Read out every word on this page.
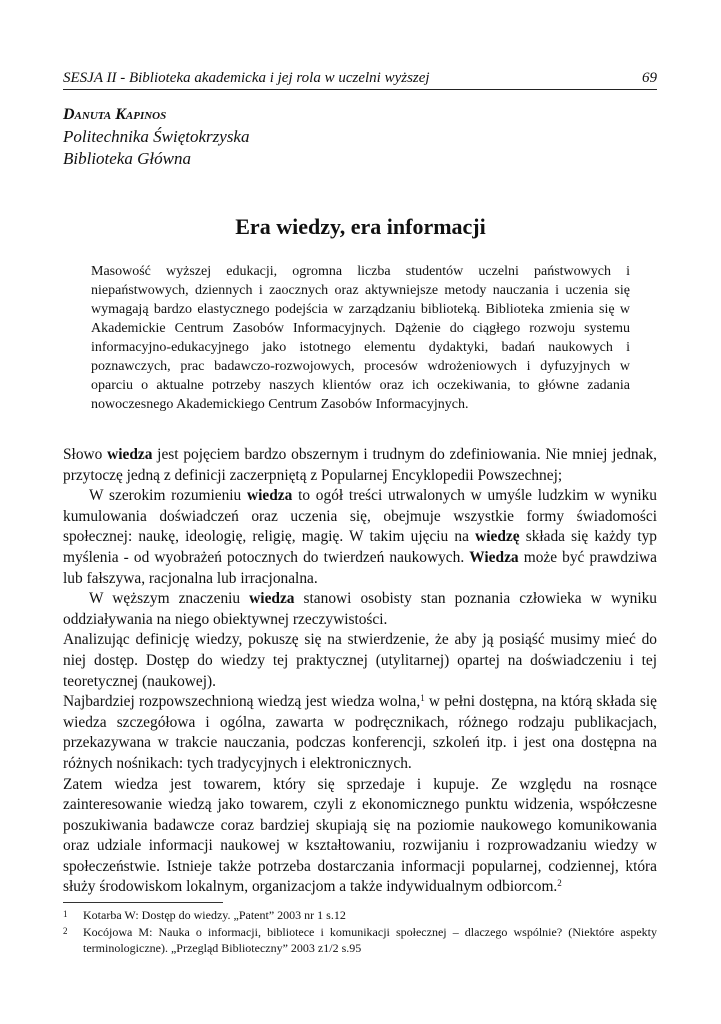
SESJA II - Biblioteka akademicka i jej rola w uczelni wyższej	69
Danuta Kapinos
Politechnika Świętokrzyska
Biblioteka Główna
Era wiedzy, era informacji

Masowość wyższej edukacji, ogromna liczba studentów uczelni państwowych i niepaństwowych, dziennych i zaocznych oraz aktywniejsze metody nauczania i uczenia się wymagają bardzo elastycznego podejścia w zarządzaniu biblioteką. Biblioteka zmienia się w Akademickie Centrum Zasobów Informacyjnych. Dążenie do ciągłego rozwoju systemu informacyjno-edukacyjnego jako istotnego elementu dydaktyki, badań naukowych i poznawczych, prac badawczo-rozwojowych, procesów wdrożeniowych i dyfuzyjnych w oparciu o aktualne potrzeby naszych klientów oraz ich oczekiwania, to główne zadania nowoczesnego Akademickiego Centrum Zasobów Informacyjnych.

Słowo wiedza jest pojęciem bardzo obszernym i trudnym do zdefiniowania. Nie mniej jednak, przytoczę jedną z definicji zaczerpniętą z Popularnej Encyklopedii Powszechnej;

W szerokim rozumieniu wiedza to ogół treści utrwalonych w umyśle ludzkim w wyniku kumulowania doświadczeń oraz uczenia się, obejmuje wszystkie formy świadomości społecznej: naukę, ideologię, religię, magię. W takim ujęciu na wiedzę składa się każdy typ myślenia - od wyobrażeń potocznych do twierdzeń naukowych. Wiedza może być prawdziwa lub fałszywa, racjonalna lub irracjonalna.

W węższym znaczeniu wiedza stanowi osobisty stan poznania człowieka w wyniku oddziaływania na niego obiektywnej rzeczywistości.

Analizując definicję wiedzy, pokuszę się na stwierdzenie, że aby ją posiąść musimy mieć do niej dostęp. Dostęp do wiedzy tej praktycznej (utylitarnej) opartej na doświadczeniu i tej teoretycznej (naukowej).

Najbardziej rozpowszechnioną wiedzą jest wiedza wolna,$^1$ w pełni dostępna, na którą składa się wiedza szczegółowa i ogólna, zawarta w podręcznikach, różnego rodzaju publikacjach, przekazywana w trakcie nauczania, podczas konferencji, szkoleń itp. i jest ona dostępna na różnych nośnikach: tych tradycyjnych i elektronicznych.

Zatem wiedza jest towarem, który się sprzedaje i kupuje. Ze względu na rosnące zainteresowanie wiedzą jako towarem, czyli z ekonomicznego punktu widzenia, współczesne poszukiwania badawcze coraz bardziej skupiają się na poziomie naukowego komunikowania oraz udziale informacji naukowej w kształtowaniu, rozwijaniu i rozprowadzaniu wiedzy w społeczeństwie. Istnieje także potrzeba dostarczania informacji popularnej, codziennej, która służy środowiskom lokalnym, organizacjom a także indywidualnym odbiorcom.$^2$

1	Kotarba W: Dostęp do wiedzy. „Patent” 2003 nr 1 s.12
2	Kocójowa M: Nauka o informacji, bibliotece i komunikacji społecznej – dlaczego wspólnie? (Niektóre aspekty terminologiczne). „Przegląd Biblioteczny” 2003 z1/2 s.95
